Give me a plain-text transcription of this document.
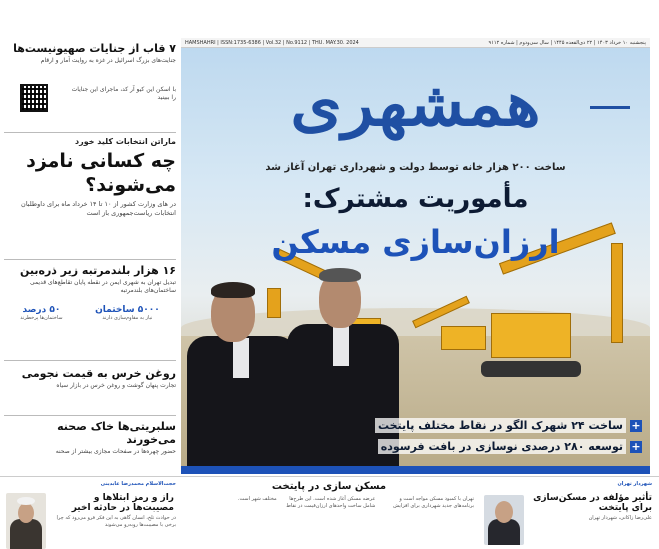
همشهری
ساخت ۲۰۰ هزار خانه توسط دولت و شهرداری تهران آغاز شد
مأموریت مشترک:
ارزان‌سازی مسکن
+
ساخت ۲۴ شهرک الگو در نقاط مختلف پایتخت
+
توسعه ۲۸۰ درصدی نوسازی در بافت فرسوده
پنجشنبه ۱۰ خرداد ۱۴۰۳ | ۲۲ ذی‌القعده ۱۴۴۵ | سال سی‌ودوم | شماره ۹۱۱۲
HAMSHAHRI | ISSN:1735-6386 | Vol.32 | No.9112 | THU. MAY.30. 2024
۷ قاب از جنایات صهیونیست‌ها
جنایت‌های بزرگ اسرائیل در غزه به روایت آمار و ارقام
با اسکن این کیو آر کد، ماجرای این جنایات را ببینید
ماراتن انتخابات کلید خورد
چه کسانی نامزد می‌شوند؟
در های وزارت کشور از ۱۰ تا ۱۴ خرداد ماه برای داوطلبان انتخابات ریاست‌جمهوری باز است
۱۶ هزار بلندمرتبه زیر ذره‌بین
تبدیل تهران به شهری ایمن در نقطه پایان تقاطع‌های قدیمی ساختمان‌های بلندمرتبه
۵۰۰۰ ساختمان
نیاز به مقاوم‌سازی دارند
۵۰ درصد
ساختمان‌ها پرخطرند
روغن خرس به قیمت نجومی
تجارت پنهان گوشت و روغن خرس در بازار سیاه
سلبریتی‌ها خاک صحنه می‌خورند
حضور چهره‌ها در صفحات مجازی بیشتر از صحنه
حجت‌الاسلام محمدرضا عابدینی
راز و رمز ابتلاها و مصیبت‌ها در حادثه اخیر
در حوادث تلخ، انسان گاهی به این فکر فرو می‌رود که چرا برخی با مصیبت‌ها روبه‌رو می‌شوند
مسکن سازی در پایتخت
تهران با کمبود مسکن مواجه است و برنامه‌های جدید شهرداری برای افزایش عرضه مسکن آغاز شده است. این طرح‌ها شامل ساخت واحدهای ارزان‌قیمت در نقاط مختلف شهر است.
شهردار تهران
تأثیر مؤلفه در مسکن‌سازی برای پایتخت
علی‌رضا زاکانی، شهردار تهران
